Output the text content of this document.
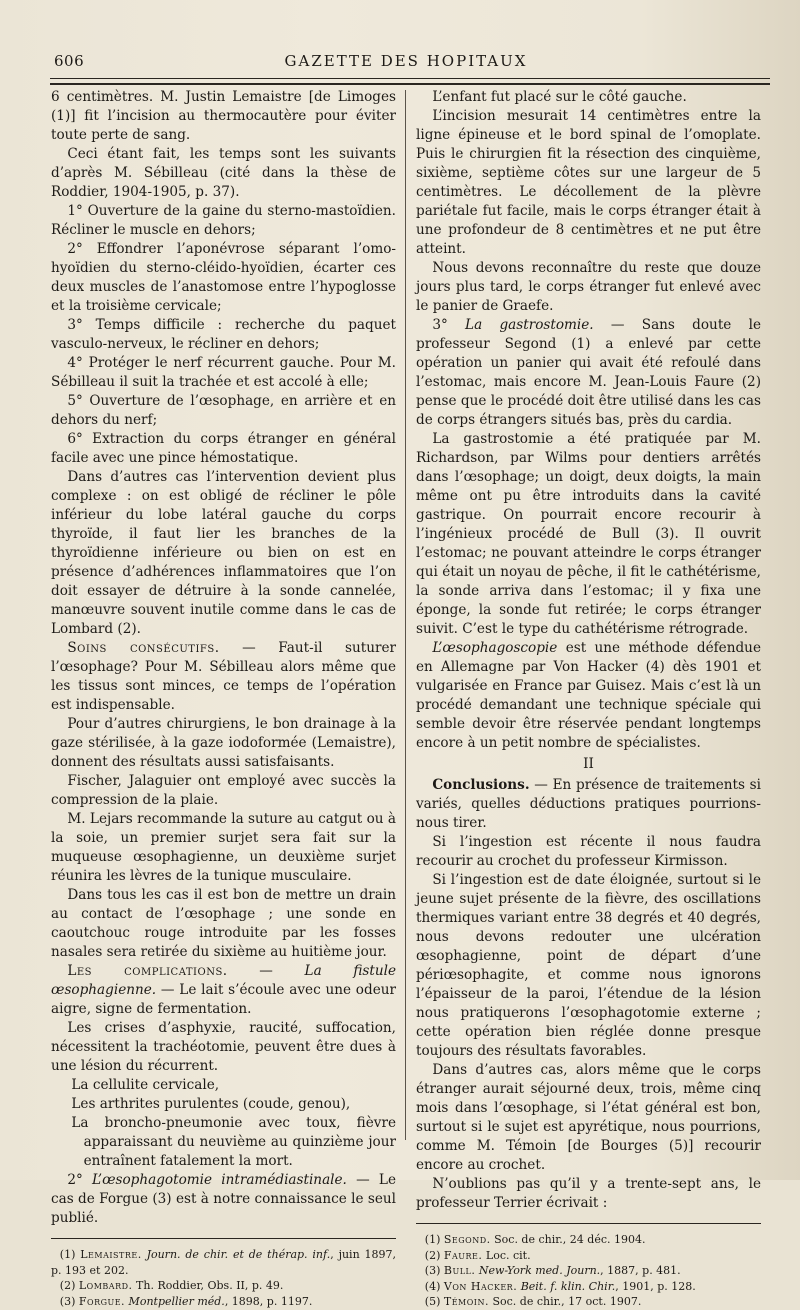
606	GAZETTE DES HOPITAUX

6 centimètres. M. Justin Lemaistre [de Limoges (1)] fit l’incision au thermocautère pour éviter toute perte de sang.

Ceci étant fait, les temps sont les suivants d’après M. Sébilleau (cité dans la thèse de Roddier, 1904-1905, p. 37).

1° Ouverture de la gaine du sterno-mastoïdien. Récliner le muscle en dehors;

2° Effondrer l’aponévrose séparant l’omo-hyoïdien du sterno-cléido-hyoïdien, écarter ces deux muscles de l’anastomose entre l’hypoglosse et la troisième cervicale;

3° Temps difficile : recherche du paquet vasculo-nerveux, le récliner en dehors;

4° Protéger le nerf récurrent gauche. Pour M. Sébilleau il suit la trachée et est accolé à elle;

5° Ouverture de l’œsophage, en arrière et en dehors du nerf;

6° Extraction du corps étranger en général facile avec une pince hémostatique.

Dans d’autres cas l’intervention devient plus complexe : on est obligé de récliner le pôle inférieur du lobe latéral gauche du corps thyroïde, il faut lier les branches de la thyroïdienne inférieure ou bien on est en présence d’adhérences inflammatoires que l’on doit essayer de détruire à la sonde cannelée, manœuvre souvent inutile comme dans le cas de Lombard (2).

Soins consécutifs. — Faut-il suturer l’œsophage? Pour M. Sébilleau alors même que les tissus sont minces, ce temps de l’opération est indispensable.

Pour d’autres chirurgiens, le bon drainage à la gaze stérilisée, à la gaze iodoformée (Lemaistre), donnent des résultats aussi satisfaisants.

Fischer, Jalaguier ont employé avec succès la compression de la plaie.

M. Lejars recommande la suture au catgut ou à la soie, un premier surjet sera fait sur la muqueuse œsophagienne, un deuxième surjet réunira les lèvres de la tunique musculaire.

Dans tous les cas il est bon de mettre un drain au contact de l’œsophage ; une sonde en caoutchouc rouge introduite par les fosses nasales sera retirée du sixième au huitième jour.

Les complications. — La fistule œsophagienne. — Le lait s’écoule avec une odeur aigre, signe de fermentation.

Les crises d’asphyxie, raucité, suffocation, nécessitent la trachéotomie, peuvent être dues à une lésion du récurrent.

La cellulite cervicale,

Les arthrites purulentes (coude, genou),

La broncho-pneumonie avec toux, fièvre apparaissant du neuvième au quinzième jour entraînent fatalement la mort.

2° L’œsophagotomie intramédiastinale. — Le cas de Forgue (3) est à notre connaissance le seul publié.

(1) Lemaistre. Journ. de chir. et de thérap. inf., juin 1897, p. 193 et 202.

(2) Lombard. Th. Roddier, Obs. II, p. 49.

(3) Forgue. Montpellier méd., 1898, p. 1197.

L’enfant fut placé sur le côté gauche.

L’incision mesurait 14 centimètres entre la ligne épineuse et le bord spinal de l’omoplate. Puis le chirurgien fit la résection des cinquième, sixième, septième côtes sur une largeur de 5 centimètres. Le décollement de la plèvre pariétale fut facile, mais le corps étranger était à une profondeur de 8 centimètres et ne put être atteint.

Nous devons reconnaître du reste que douze jours plus tard, le corps étranger fut enlevé avec le panier de Graefe.

3° La gastrostomie. — Sans doute le professeur Segond (1) a enlevé par cette opération un panier qui avait été refoulé dans l’estomac, mais encore M. Jean-Louis Faure (2) pense que le procédé doit être utilisé dans les cas de corps étrangers situés bas, près du cardia.

La gastrostomie a été pratiquée par M. Richardson, par Wilms pour dentiers arrêtés dans l’œsophage; un doigt, deux doigts, la main même ont pu être introduits dans la cavité gastrique. On pourrait encore recourir à l’ingénieux procédé de Bull (3). Il ouvrit l’estomac; ne pouvant atteindre le corps étranger qui était un noyau de pêche, il fit le cathétérisme, la sonde arriva dans l’estomac; il y fixa une éponge, la sonde fut retirée; le corps étranger suivit. C’est le type du cathétérisme rétrograde.

L’œsophagoscopie est une méthode défendue en Allemagne par Von Hacker (4) dès 1901 et vulgarisée en France par Guisez. Mais c’est là un procédé demandant une technique spéciale qui semble devoir être réservée pendant longtemps encore à un petit nombre de spécialistes.

II

Conclusions. — En présence de traitements si variés, quelles déductions pratiques pourrions-nous tirer.

Si l’ingestion est récente il nous faudra recourir au crochet du professeur Kirmisson.

Si l’ingestion est de date éloignée, surtout si le jeune sujet présente de la fièvre, des oscillations thermiques variant entre 38 degrés et 40 degrés, nous devons redouter une ulcération œsophagienne, point de départ d’une périœsophagite, et comme nous ignorons l’épaisseur de la paroi, l’étendue de la lésion nous pratiquerons l’œsophagotomie externe ; cette opération bien réglée donne presque toujours des résultats favorables.

Dans d’autres cas, alors même que le corps étranger aurait séjourné deux, trois, même cinq mois dans l’œsophage, si l’état général est bon, surtout si le sujet est apyrétique, nous pourrions, comme M. Témoin [de Bourges (5)] recourir encore au crochet.

N’oublions pas qu’il y a trente-sept ans, le professeur Terrier écrivait :

(1) Segond. Soc. de chir., 24 déc. 1904.

(2) Faure. Loc. cit.

(3) Bull. New-York med. Journ., 1887, p. 481.

(4) Von Hacker. Beit. f. klin. Chir., 1901, p. 128.

(5) Témoin. Soc. de chir., 17 oct. 1907.
